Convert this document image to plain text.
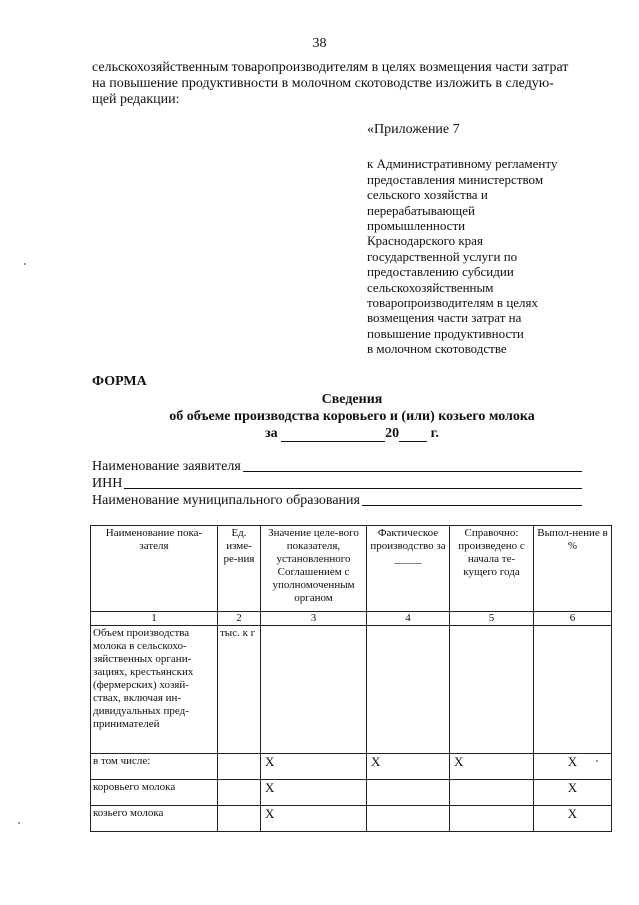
38
сельскохозяйственным товаропроизводителям в целях возмещения части затрат
на повышение продуктивности в молочном скотоводстве изложить в следую-
щей редакции:
«Приложение 7
к Административному регламенту
предоставления министерством
сельского хозяйства и
перерабатывающей
промышленности
Краснодарского края
государственной услуги по
предоставлению субсидии
сельскохозяйственным
товаропроизводителям в целях
возмещения части затрат на
повышение продуктивности
в молочном скотоводстве
ФОРМА
Сведения
об объеме производства коровьего и (или) козьего молока
за	20 г.
Наименование заявителя
ИНН
Наименование муниципального образования
Наименование пока-зателя	Ед. изме-ре-ния	Значение целе-вого показателя, установленного Соглашением с уполномоченным органом	Фактическое производство за _____	Справочно: произведено с начала те-кущего года	Выпол-нение в %
1	2	3	4	5	6
Объем производства молока в сельскохо-зяйственных органи-зациях, крестьянских (фермерских) хозяй-ствах, включая ин-дивидуальных пред-принимателей	тыс. к г				
в том числе:		X	X	X	X
коровьего молока		X			X
козьего молока		X			X
